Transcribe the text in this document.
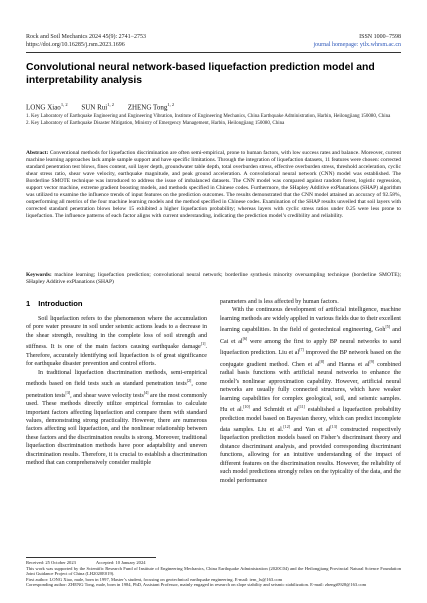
Rock and Soil Mechanics 2024 45(9): 2741−2753
https://doi.org/10.16285/j.rsm.2023.1696
ISSN 1000−7598
journal homepage: ytlx.whrsm.ac.cn
Convolutional neural network-based liquefaction prediction model and interpretability analysis
LONG Xiao$^{1, 2}$ SUN Rui$^{1, 2}$ ZHENG Tong$^{1, 2}$
1. Key Laboratory of Earthquake Engineering and Engineering Vibration, Institute of Engineering Mechanics, China Earthquake Administration, Harbin, Heilongjiang 150080, China
2. Key Laboratory of Earthquake Disaster Mitigation, Ministry of Emergency Management, Harbin, Heilongjiang 150080, China
Abstract: Conventional methods for liquefaction discrimination are often semi-empirical, prone to human factors, with low success rates and balance. Moreover, current machine learning approaches lack ample sample support and have specific limitations. Through the integration of liquefaction datasets, 11 features were chosen: corrected standard penetration test blows, fines content, soil layer depth, groundwater table depth, total overburden stress, effective overburden stress, threshold acceleration, cyclic shear stress ratio, shear wave velocity, earthquake magnitude, and peak ground acceleration. A convolutional neural network (CNN) model was established. The Borderline SMOTE technique was introduced to address the issue of imbalanced datasets. The CNN model was compared against random forest, logistic regression, support vector machine, extreme gradient boosting models, and methods specified in Chinese codes. Furthermore, the SHapley Additive exPlanations (SHAP) algorithm was utilized to examine the influence trends of input features on the prediction outcomes. The results demonstrated that the CNN model attained an accuracy of 92.58%, outperforming all metrics of the four machine learning models and the method specified in Chinese codes. Examination of the SHAP results unveiled that soil layers with corrected standard penetration blows below 15 exhibited a higher liquefaction probability; whereas layers with cyclic stress ratios under 0.25 were less prone to liquefaction. The influence patterns of each factor aligns with current understanding, indicating the prediction model’s credibility and reliability.
Keywords: machine learning; liquefaction prediction; convolutional neural network; borderline synthesis minority oversampling technique (borderline SMOTE); SHapley Additive exPlanations (SHAP)
1 Introduction

Soil liquefaction refers to the phenomenon where the accumulation of pore water pressure in soil under seismic actions leads to a decrease in the shear strength, resulting in the complete loss of soil strength and stiffness. It is one of the main factors causing earthquake damage[1]. Therefore, accurately identifying soil liquefaction is of great significance for earthquake disaster prevention and control efforts.

In traditional liquefaction discrimination methods, semi-empirical methods based on field tests such as standard penetration tests[2], cone penetration tests[3], and shear wave velocity tests[4] are the most commonly used. These methods directly utilize empirical formulas to calculate important factors affecting liquefaction and compare them with standard values, demonstrating strong practicality. However, there are numerous factors affecting soil liquefaction, and the nonlinear relationship between these factors and the discrimination results is strong. Moreover, traditional liquefaction discrimination methods have poor adaptability and uneven discrimination results. Therefore, it is crucial to establish a discrimination method that can comprehensively consider multiple

parameters and is less affected by human factors.

With the continuous development of artificial intelligence, machine learning methods are widely applied in various fields due to their excellent learning capabilities. In the field of geotechnical engineering, Goh[5] and Cai et al[6] were among the first to apply BP neural networks to sand liquefaction prediction. Liu et al[7] improved the BP network based on the conjugate gradient method. Chen et al[8] and Hanna et al[9] combined radial basis functions with artificial neural networks to enhance the model’s nonlinear approximation capability. However, artificial neural networks are usually fully connected structures, which have weaker learning capabilities for complex geological, soil, and seismic samples. Hu et al.[10] and Schmidt et al[11] established a liquefaction probability prediction model based on Bayesian theory, which can predict incomplete data samples. Liu et al.[12] and Yan et al[13] constructed respectively liquefaction prediction models based on Fisher’s discriminant theory and distance discriminant analysis, and provided corresponding discriminant functions, allowing for an intuitive understanding of the impact of different features on the discrimination results. However, the reliability of such model predictions strongly relies on the typicality of the data, and the model performance

Received: 25 October 2023	Accepted: 10 January 2024
This work was supported by the Scientific Research Fund of Institute of Engineering Mechanics, China Earthquake Administration (2020C04) and the Heilongjiang Provincial Natural Science Foundation Joint Guidance Project of China (LH2020E019).
First author: LONG Xiao, male, born in 1997, Master’s student, focusing on geotechnical earthquake engineering. E-mail: iem_lx@163.com
Corresponding author: ZHENG Tong, male, born in 1984, PhD, Assistant Professor, mainly engaged in research on slope stability and seismic stabilization. E-mail: zhengt0928@163.com
